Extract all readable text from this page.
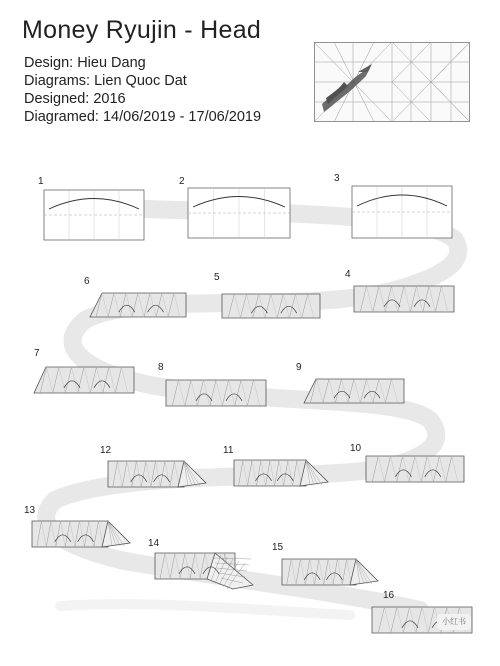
Money Ryujin - Head
Design: Hieu Dang
Diagrams: Lien Quoc Dat
Designed: 2016
Diagramed: 14/06/2019 - 17/06/2019
1	2	3
4
5
6
7
8	9
10
11
12
13
14	15
16
小红书
